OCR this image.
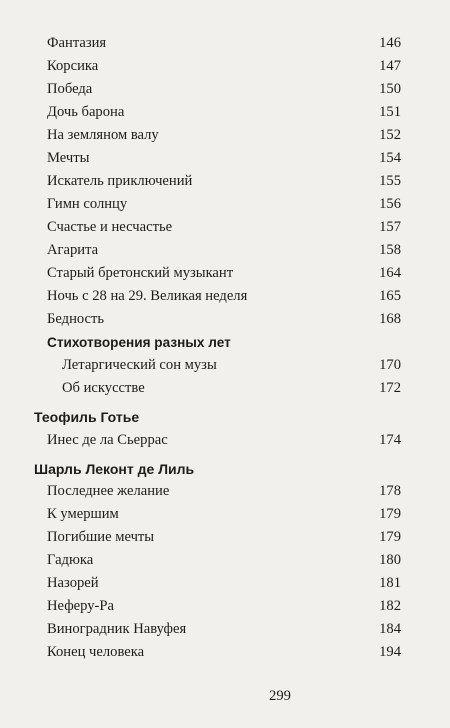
Фантазия	146
Корсика	147
Победа	150
Дочь барона	151
На земляном валу	152
Мечты	154
Искатель приключений	155
Гимн солнцу	156
Счастье и несчастье	157
Агарита	158
Старый бретонский музыкант	164
Ночь с 28 на 29. Великая неделя	165
Бедность	168
Стихотворения разных лет
Летаргический сон музы	170
Об искусстве	172
Теофиль Готье
Инес де ла Сьеррас	174
Шарль Леконт де Лиль
Последнее желание	178
К умершим	179
Погибшие мечты	179
Гадюка	180
Назорей	181
Неферу-Ра	182
Виноградник Навуфея	184
Конец человека	194
299
